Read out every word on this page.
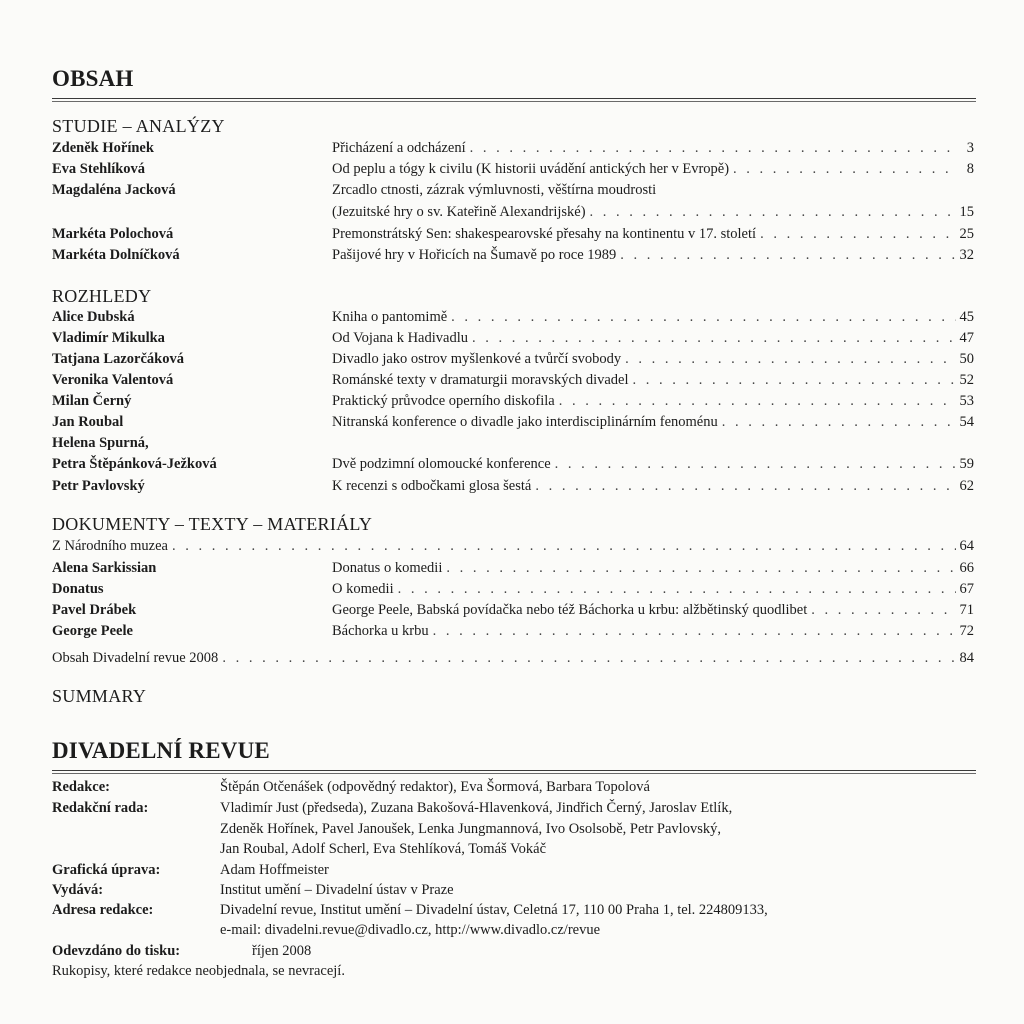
OBSAH
STUDIE – ANALÝZY
Zdeněk Hořínek	Přicházení a odcházení . . .	3
Eva Stehlíková	Od peplu a tógy k civilu (K historii uvádění antických her v Evropě) . . .	8
Magdaléna Jacková	Zrcadlo ctnosti, zázrak výmluvnosti, věštírna moudrosti
(Jezuitské hry o sv. Kateřině Alexandrijské) . . .	15
Markéta Polochová	Premonstrátský Sen: shakespearovské přesahy na kontinentu v 17. století . . .	25
Markéta Dolníčková	Pašijové hry v Hořicích na Šumavě po roce 1989 . . .	32
ROZHLEDY
Alice Dubská	Kniha o pantomimě . . .	45
Vladimír Mikulka	Od Vojana k Hadivadlu . . .	47
Tatjana Lazorčáková	Divadlo jako ostrov myšlenkové a tvůrčí svobody . . .	50
Veronika Valentová	Románské texty v dramaturgii moravských divadel . . .	52
Milan Černý	Praktický průvodce operního diskofila . . .	53
Jan Roubal	Nitranská konference o divadle jako interdisciplinárním fenoménu . . .	54
Helena Spurná,
Petra Štěpánková-Ježková	Dvě podzimní olomoucké konference . . .	59
Petr Pavlovský	K recenzi s odbočkami glosa šestá . . .	62
DOKUMENTY – TEXTY – MATERIÁLY
Z Národního muzea . . .	64
Alena Sarkissian	Donatus o komedii . . .	66
Donatus	O komedii . . .	67
Pavel Drábek	George Peele, Babská povídačka nebo též Báchorka u krbu: alžbětinský quodlibet . . .	71
George Peele	Báchorka u krbu . . .	72
Obsah Divadelní revue 2008 . . .	84
SUMMARY
DIVADELNÍ REVUE
Redakce:	Štěpán Otčenášek (odpovědný redaktor), Eva Šormová, Barbara Topolová
Redakční rada:	Vladimír Just (předseda), Zuzana Bakošová-Hlavenková, Jindřich Černý, Jaroslav Etlík,
Zdeněk Hořínek, Pavel Janoušek, Lenka Jungmannová, Ivo Osolsobě, Petr Pavlovský,
Jan Roubal, Adolf Scherl, Eva Stehlíková, Tomáš Vokáč
Grafická úprava:	Adam Hoffmeister
Vydává:	Institut umění – Divadelní ústav v Praze
Adresa redakce:	Divadelní revue, Institut umění – Divadelní ústav, Celetná 17, 110 00 Praha 1, tel. 224809133,
e-mail: divadelni.revue@divadlo.cz, http://www.divadlo.cz/revue
Odevzdáno do tisku:	říjen 2008
Rukopisy, které redakce neobjednala, se nevracejí.
